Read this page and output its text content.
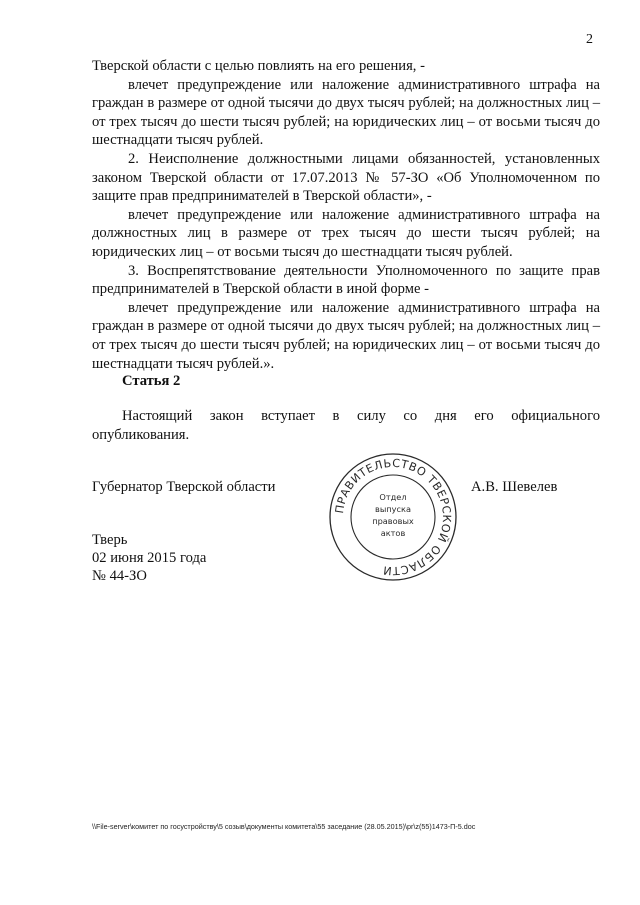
2

Тверской области с целью повлиять на его решения, -

влечет предупреждение или наложение административного штрафа на граждан в размере от одной тысячи до двух тысяч рублей; на должностных лиц – от трех тысяч до шести тысяч рублей; на юридических лиц – от восьми тысяч до шестнадцати тысяч рублей.

2. Неисполнение должностными лицами обязанностей, установленных законом Тверской области от 17.07.2013 № 57-ЗО «Об Уполномоченном по защите прав предпринимателей в Тверской области», -

влечет предупреждение или наложение административного штрафа на должностных лиц в размере от трех тысяч до шести тысяч рублей; на юридических лиц – от восьми тысяч до шестнадцати тысяч рублей.

3. Воспрепятствование деятельности Уполномоченного по защите прав предпринимателей в Тверской области в иной форме -

влечет предупреждение или наложение административного штрафа на граждан в размере от одной тысячи до двух тысяч рублей; на должностных лиц – от трех тысяч до шести тысяч рублей; на юридических лиц – от восьми тысяч до шестнадцати тысяч рублей.».

Статья 2
Настоящий закон вступает в силу со дня его официального
опубликования.
Губернатор Тверской области
ПРАВИТЕЛЬСТВО ТВЕРСКОЙ ОБЛАСТИ
Отдел
выпуска
правовых
актов
А.В. Шевелев
Тверь
02 июня 2015 года
№ 44-ЗО
\\File-server\комитет по госустройству\5 созыв\документы комитета\55 заседание (28.05.2015)\pr\z(55)1473-П-5.doc
